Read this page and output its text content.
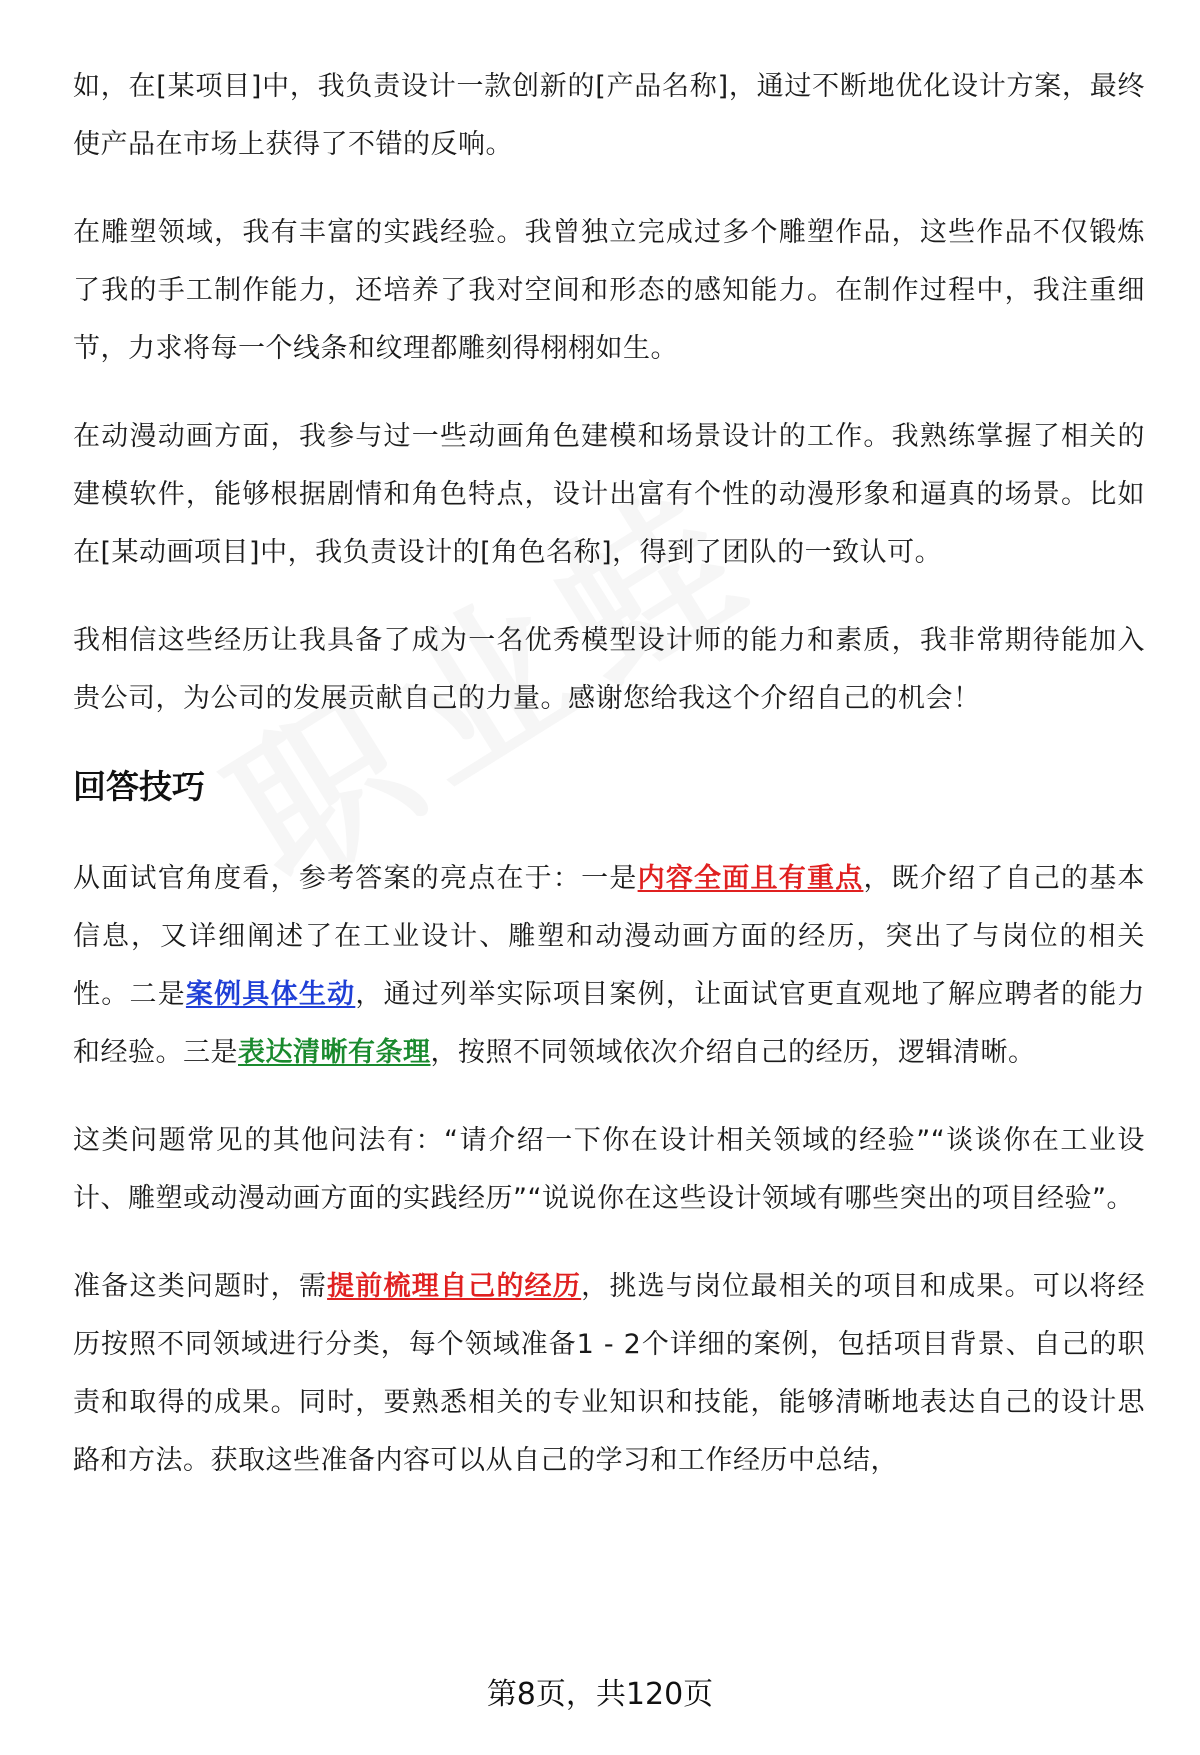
如，在[某项目]中，我负责设计一款创新的[产品名称]，通过不断地优化设计方案，最终使产品在市场上获得了不错的反响。

在雕塑领域，我有丰富的实践经验。我曾独立完成过多个雕塑作品，这些作品不仅锻炼了我的手工制作能力，还培养了我对空间和形态的感知能力。在制作过程中，我注重细节，力求将每一个线条和纹理都雕刻得栩栩如生。

在动漫动画方面，我参与过一些动画角色建模和场景设计的工作。我熟练掌握了相关的建模软件，能够根据剧情和角色特点，设计出富有个性的动漫形象和逼真的场景。比如在[某动画项目]中，我负责设计的[角色名称]，得到了团队的一致认可。

我相信这些经历让我具备了成为一名优秀模型设计师的能力和素质，我非常期待能加入贵公司，为公司的发展贡献自己的力量。感谢您给我这个介绍自己的机会！

回答技巧

从面试官角度看，参考答案的亮点在于：一是内容全面且有重点，既介绍了自己的基本信息，又详细阐述了在工业设计、雕塑和动漫动画方面的经历，突出了与岗位的相关性。二是案例具体生动，通过列举实际项目案例，让面试官更直观地了解应聘者的能力和经验。三是表达清晰有条理，按照不同领域依次介绍自己的经历，逻辑清晰。

这类问题常见的其他问法有：“请介绍一下你在设计相关领域的经验”“谈谈你在工业设计、雕塑或动漫动画方面的实践经历”“说说你在这些设计领域有哪些突出的项目经验”。

准备这类问题时，需提前梳理自己的经历，挑选与岗位最相关的项目和成果。可以将经历按照不同领域进行分类，每个领域准备1 - 2个详细的案例，包括项目背景、自己的职责和取得的成果。同时，要熟悉相关的专业知识和技能，能够清晰地表达自己的设计思路和方法。获取这些准备内容可以从自己的学习和工作经历中总结，

第8页，共120页
